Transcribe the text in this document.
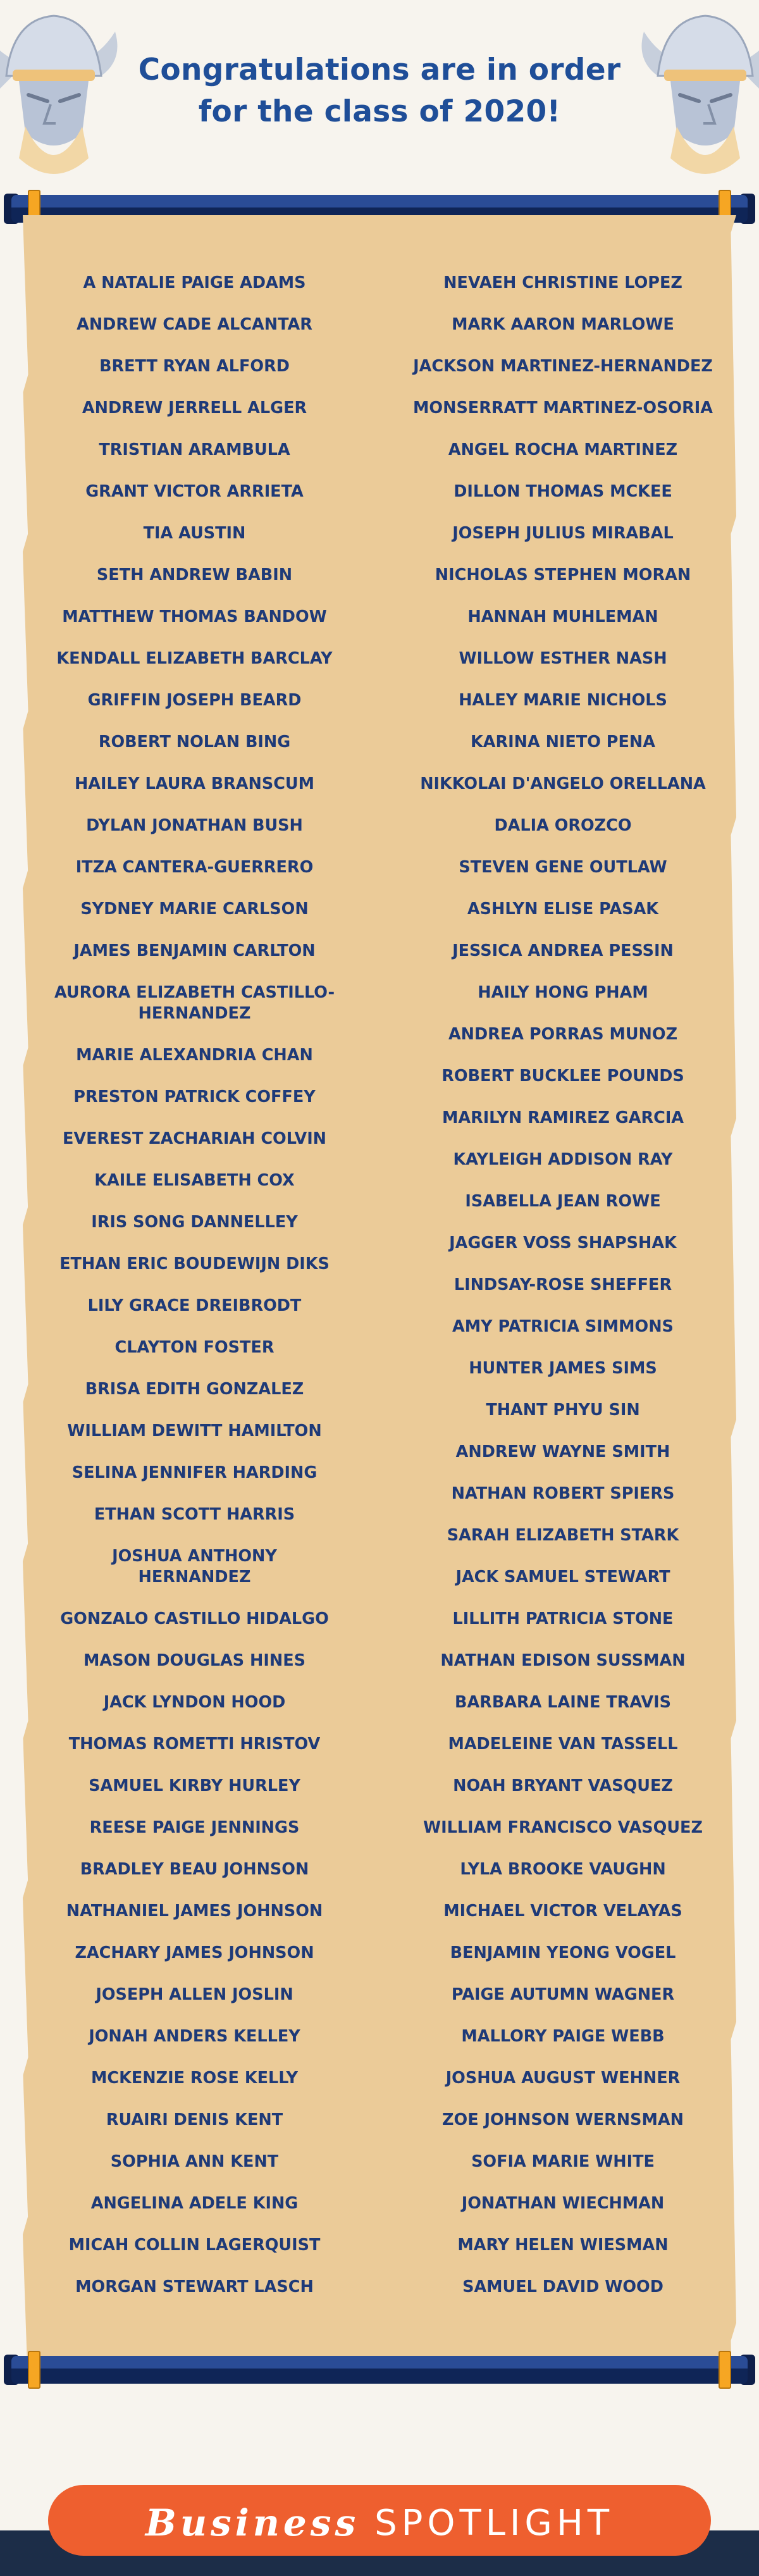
Congratulations are in order
for the class of 2020!
A NATALIE PAIGE ADAMS
ANDREW CADE ALCANTAR
BRETT RYAN ALFORD
ANDREW JERRELL ALGER
TRISTIAN ARAMBULA
GRANT VICTOR ARRIETA
TIA AUSTIN
SETH ANDREW BABIN
MATTHEW THOMAS BANDOW
KENDALL ELIZABETH BARCLAY
GRIFFIN JOSEPH BEARD
ROBERT NOLAN BING
HAILEY LAURA BRANSCUM
DYLAN JONATHAN BUSH
ITZA CANTERA-GUERRERO
SYDNEY MARIE CARLSON
JAMES BENJAMIN CARLTON
AURORA ELIZABETH CASTILLO-HERNANDEZ
MARIE ALEXANDRIA CHAN
PRESTON PATRICK COFFEY
EVEREST ZACHARIAH COLVIN
KAILE ELISABETH COX
IRIS SONG DANNELLEY
ETHAN ERIC BOUDEWIJN DIKS
LILY GRACE DREIBRODT
CLAYTON FOSTER
BRISA EDITH GONZALEZ
WILLIAM DEWITT HAMILTON
SELINA JENNIFER HARDING
ETHAN SCOTT HARRIS
JOSHUA ANTHONY HERNANDEZ
GONZALO CASTILLO HIDALGO
MASON DOUGLAS HINES
JACK LYNDON HOOD
THOMAS ROMETTI HRISTOV
SAMUEL KIRBY HURLEY
REESE PAIGE JENNINGS
BRADLEY BEAU JOHNSON
NATHANIEL JAMES JOHNSON
ZACHARY JAMES JOHNSON
JOSEPH ALLEN JOSLIN
JONAH ANDERS KELLEY
MCKENZIE ROSE KELLY
RUAIRI DENIS KENT
SOPHIA ANN KENT
ANGELINA ADELE KING
MICAH COLLIN LAGERQUIST
MORGAN STEWART LASCH
NEVAEH CHRISTINE LOPEZ
MARK AARON MARLOWE
JACKSON MARTINEZ-HERNANDEZ
MONSERRATT MARTINEZ-OSORIA
ANGEL ROCHA MARTINEZ
DILLON THOMAS MCKEE
JOSEPH JULIUS MIRABAL
NICHOLAS STEPHEN MORAN
HANNAH MUHLEMAN
WILLOW ESTHER NASH
HALEY MARIE NICHOLS
KARINA NIETO PENA
NIKKOLAI D'ANGELO ORELLANA
DALIA OROZCO
STEVEN GENE OUTLAW
ASHLYN ELISE PASAK
JESSICA ANDREA PESSIN
HAILY HONG PHAM
ANDREA PORRAS MUNOZ
ROBERT BUCKLEE POUNDS
MARILYN RAMIREZ GARCIA
KAYLEIGH ADDISON RAY
ISABELLA JEAN ROWE
JAGGER VOSS SHAPSHAK
LINDSAY-ROSE SHEFFER
AMY PATRICIA SIMMONS
HUNTER JAMES SIMS
THANT PHYU SIN
ANDREW WAYNE SMITH
NATHAN ROBERT SPIERS
SARAH ELIZABETH STARK
JACK SAMUEL STEWART
LILLITH PATRICIA STONE
NATHAN EDISON SUSSMAN
BARBARA LAINE TRAVIS
MADELEINE VAN TASSELL
NOAH BRYANT VASQUEZ
WILLIAM FRANCISCO VASQUEZ
LYLA BROOKE VAUGHN
MICHAEL VICTOR VELAYAS
BENJAMIN YEONG VOGEL
PAIGE AUTUMN WAGNER
MALLORY PAIGE WEBB
JOSHUA AUGUST WEHNER
ZOE JOHNSON WERNSMAN
SOFIA MARIE WHITE
JONATHAN WIECHMAN
MARY HELEN WIESMAN
SAMUEL DAVID WOOD
Business SPOTLIGHT
